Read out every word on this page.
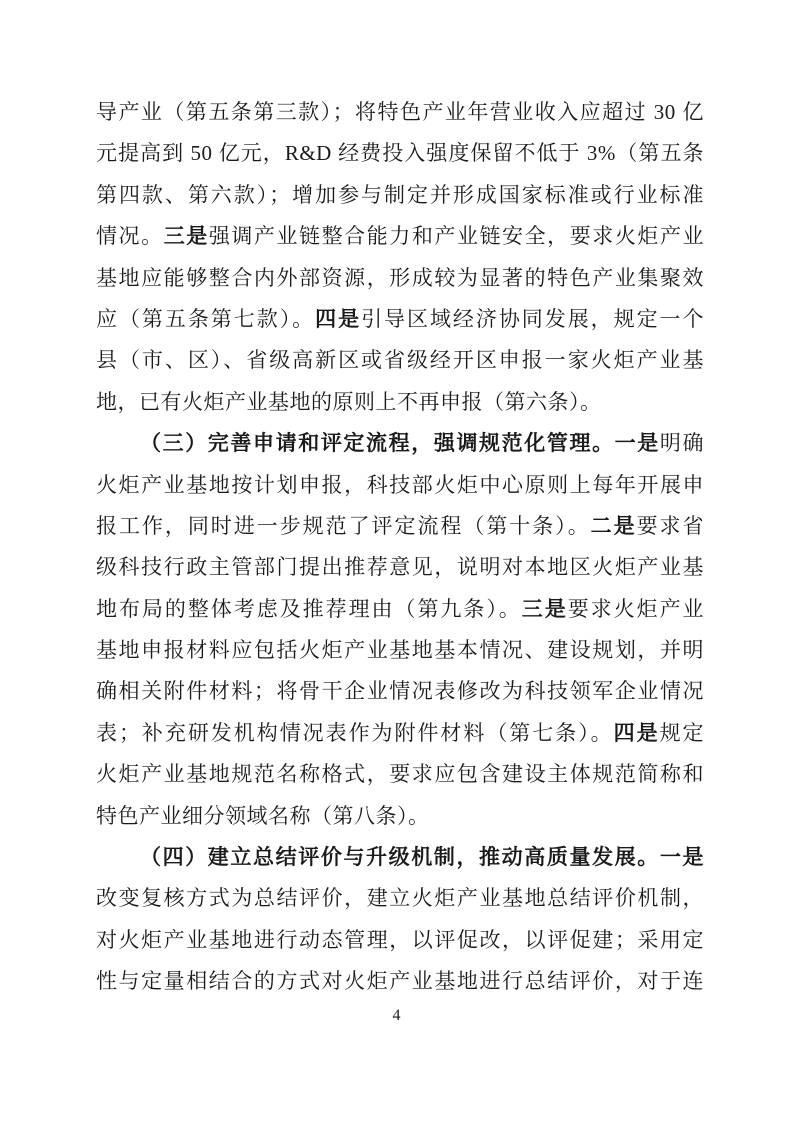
导产业（第五条第三款）；将特色产业年营业收入应超过 30 亿
元提高到 50 亿元，R&D 经费投入强度保留不低于 3%（第五条
第四款、第六款）；增加参与制定并形成国家标准或行业标准
情况。三是强调产业链整合能力和产业链安全，要求火炬产业
基地应能够整合内外部资源，形成较为显著的特色产业集聚效
应（第五条第七款）。四是引导区域经济协同发展，规定一个
县（市、区）、省级高新区或省级经开区申报一家火炬产业基
地，已有火炬产业基地的原则上不再申报（第六条）。
（三）完善申请和评定流程，强调规范化管理。一是明确
火炬产业基地按计划申报，科技部火炬中心原则上每年开展申
报工作，同时进一步规范了评定流程（第十条）。二是要求省
级科技行政主管部门提出推荐意见，说明对本地区火炬产业基
地布局的整体考虑及推荐理由（第九条）。三是要求火炬产业
基地申报材料应包括火炬产业基地基本情况、建设规划，并明
确相关附件材料；将骨干企业情况表修改为科技领军企业情况
表；补充研发机构情况表作为附件材料（第七条）。四是规定
火炬产业基地规范名称格式，要求应包含建设主体规范简称和
特色产业细分领域名称（第八条）。
（四）建立总结评价与升级机制，推动高质量发展。一是
改变复核方式为总结评价，建立火炬产业基地总结评价机制，
对火炬产业基地进行动态管理，以评促改，以评促建；采用定
性与定量相结合的方式对火炬产业基地进行总结评价，对于连
4
